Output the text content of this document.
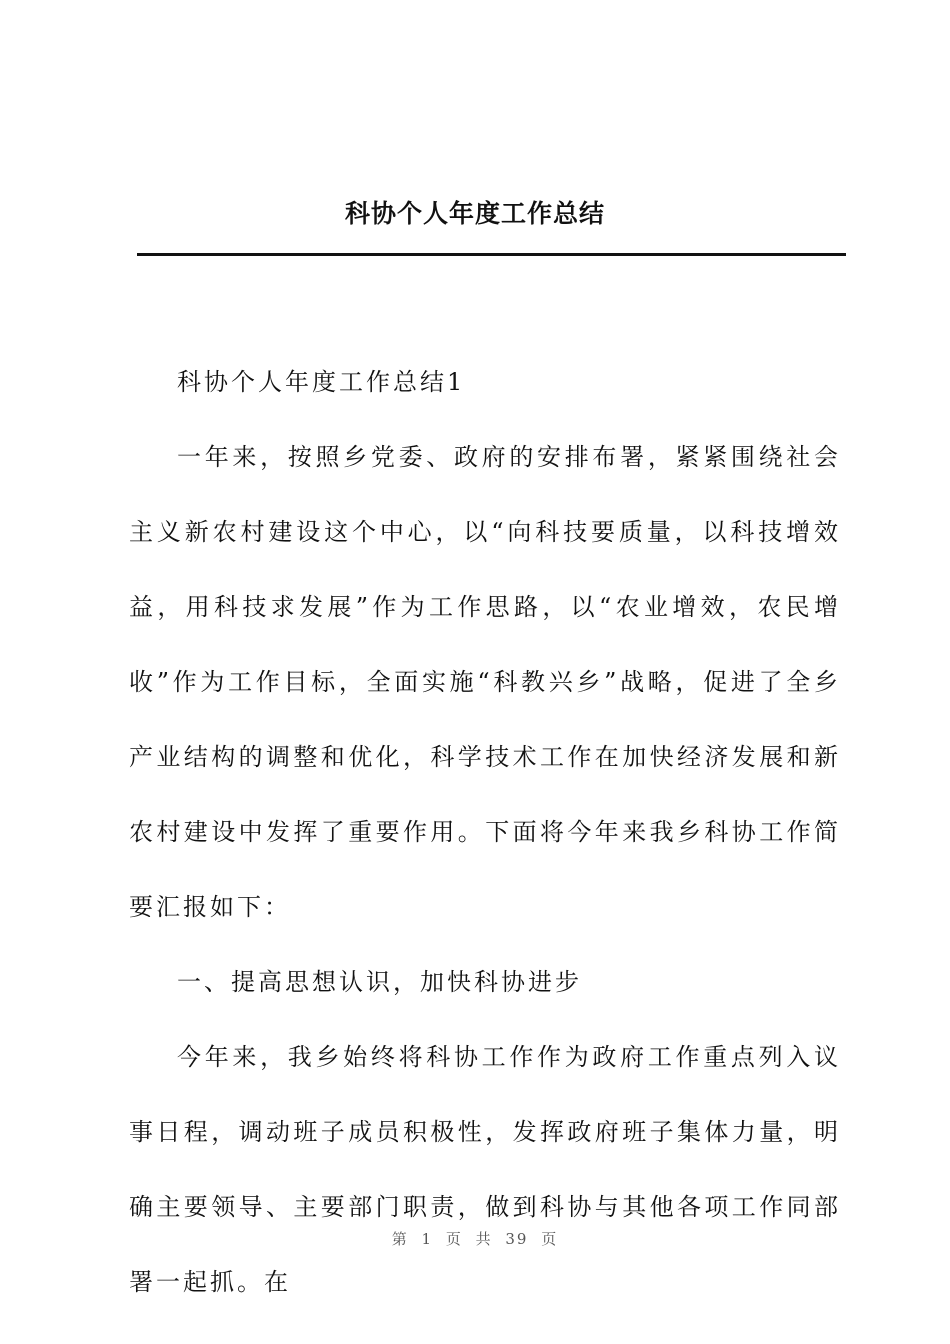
科协个人年度工作总结

科协个人年度工作总结1

一年来，按照乡党委、政府的安排布署，紧紧围绕社会主义新农村建设这个中心，以“向科技要质量，以科技增效益，用科技求发展”作为工作思路，以“农业增效，农民增收”作为工作目标，全面实施“科教兴乡”战略，促进了全乡产业结构的调整和优化，科学技术工作在加快经济发展和新农村建设中发挥了重要作用。下面将今年来我乡科协工作简要汇报如下：

一、提高思想认识，加快科协进步

今年来，我乡始终将科协工作作为政府工作重点列入议事日程，调动班子成员积极性，发挥政府班子集体力量，明确主要领导、主要部门职责，做到科协与其他各项工作同部署一起抓。在

第 1 页 共 39 页
